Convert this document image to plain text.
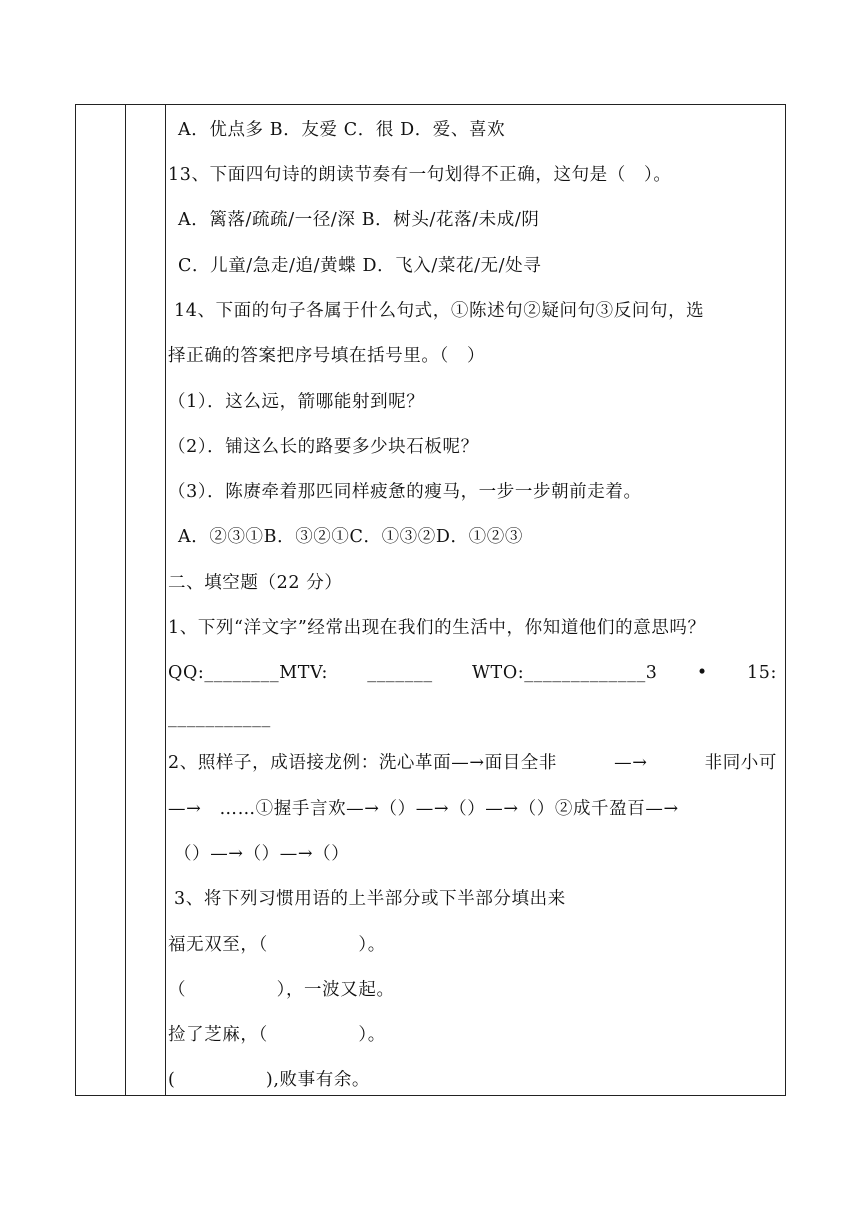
A．优点多 B．友爱 C．很 D．爱、喜欢
13、下面四句诗的朗读节奏有一句划得不正确，这句是（　）。
A．篱落/疏疏/一径/深 B．树头/花落/未成/阴
C．儿童/急走/追/黄蝶 D．飞入/菜花/无/处寻
14、下面的句子各属于什么句式，①陈述句②疑问句③反问句，选
择正确的答案把序号填在括号里。（　）
（1）．这么远，箭哪能射到呢？
（2）．铺这么长的路要多少块石板呢？
（3）．陈赓牵着那匹同样疲惫的瘦马，一步一步朝前走着。
A．②③①B．③②①C．①③②D．①②③
二、填空题（22 分）
1、下列“洋文字”经常出现在我们的生活中，你知道他们的意思吗？
QQ:________MTV: _______ WTO:_____________3 • 15:
___________
2、照样子，成语接龙例：洗心革面—→面目全非	—→	非同小可
—→　……①握手言欢—→（）—→（）—→（）②成千盈百—→
（）—→（）—→（）
3、将下列习惯用语的上半部分或下半部分填出来
福无双至，（　　　　　）。
（　　　　　），一波又起。
捡了芝麻，（　　　　　）。
(　　　　　),败事有余。
